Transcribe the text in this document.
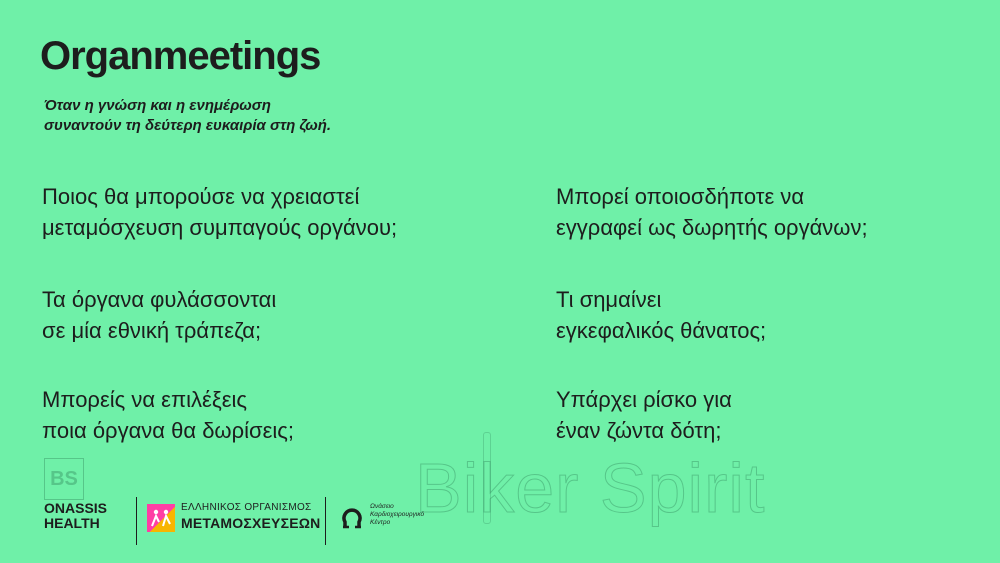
Organmeetings

Όταν η γνώση και η ενημέρωση
συναντούν τη δεύτερη ευκαιρία στη ζωή.

Ποιος θα μπορούσε να χρειαστεί
μεταμόσχευση συμπαγούς οργάνου;

Μπορεί οποιοσδήποτε να
εγγραφεί ως δωρητής οργάνων;

Τα όργανα φυλάσσονται
σε μία εθνική τράπεζα;

Τι σημαίνει
εγκεφαλικός θάνατος;

Μπορείς να επιλέξεις
ποια όργανα θα δωρίσεις;

Υπάρχει ρίσκο για
έναν ζώντα δότη;

BS	Biker Spirit

ONASSIS
HEALTH

ΕΛΛΗΝΙΚΟΣ ΟΡΓΑΝΙΣΜΟΣ
ΜΕΤΑΜΟΣΧΕΥΣΕΩΝ

Ωνάσειο
Καρδιοχειρουργικό
Κέντρο
